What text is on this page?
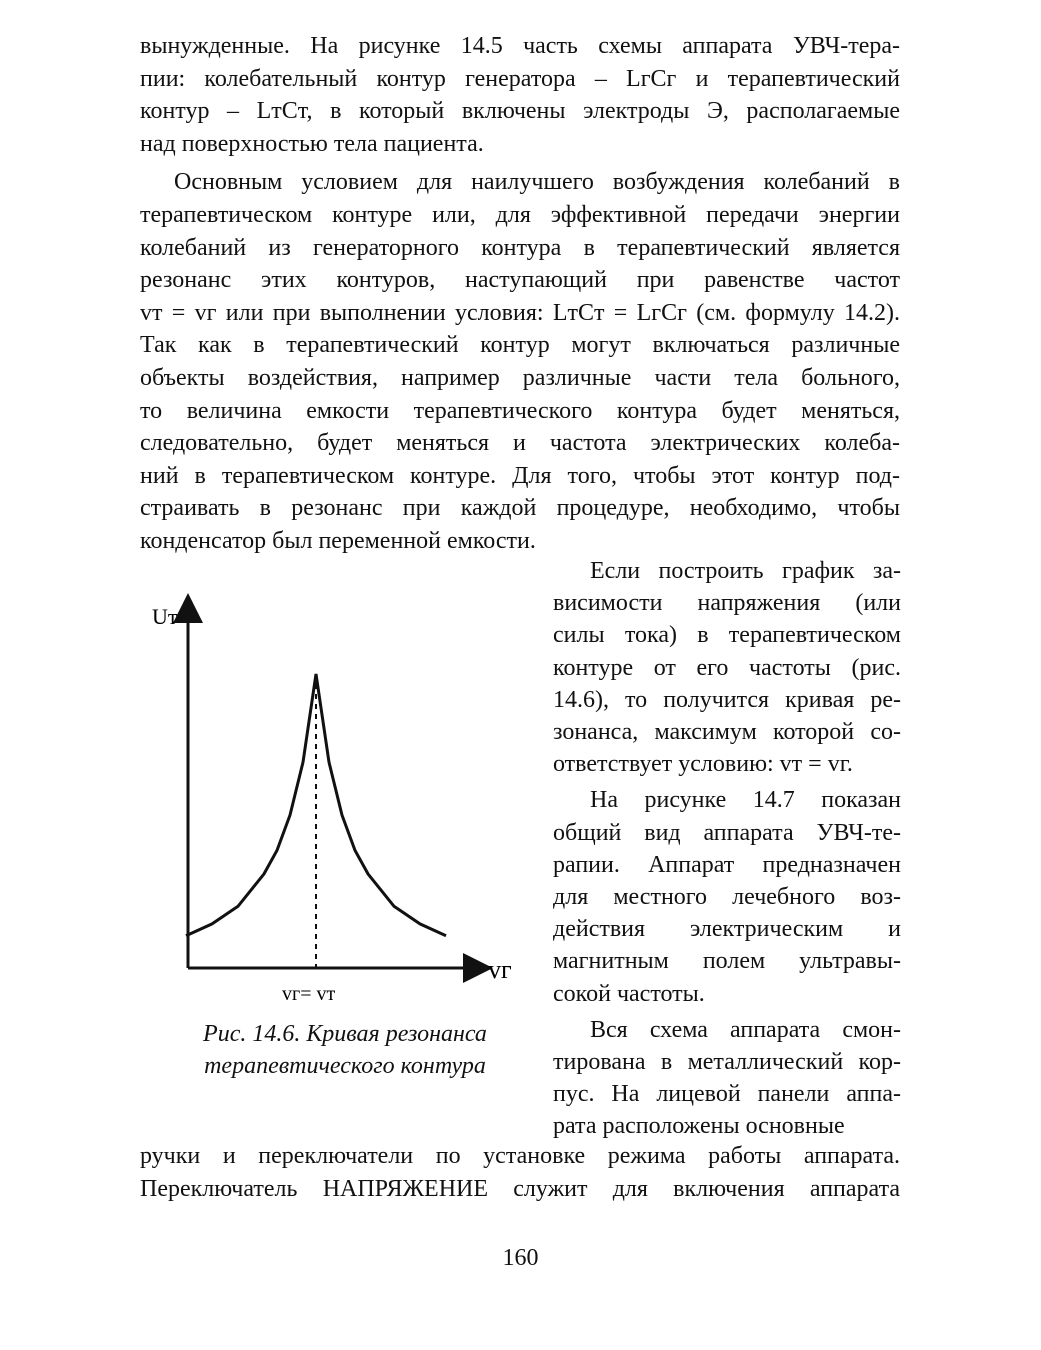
вынужденные. На рисунке 14.5 часть схемы аппарата УВЧ-тера-
пии: колебательный контур генератора – LгCг и терапевтический
контур – LтCт, в который включены электроды Э, располагаемые
над поверхностью тела пациента.
Основным условием для наилучшего возбуждения колебаний в
терапевтическом контуре или, для эффективной передачи энергии
колебаний из генераторного контура в терапевтический является
резонанс этих контуров, наступающий при равенстве частот
vт = vг или при выполнении условия: LтCт = LгCг (см. формулу 14.2).
Так как в терапевтический контур могут включаться различные
объекты воздействия, например различные части тела больного,
то величина емкости терапевтического контура будет меняться,
следовательно, будет меняться и частота электрических колеба-
ний в терапевтическом контуре. Для того, чтобы этот контур под-
страивать в резонанс при каждой процедуре, необходимо, чтобы
конденсатор был переменной емкости.
Если построить график за-
висимости напряжения (или
силы тока) в терапевтическом
контуре от его частоты (рис.
14.6), то получится кривая ре-
зонанса, максимум которой со-
ответствует условию: vт = vг.
На рисунке 14.7 показан
общий вид аппарата УВЧ-те-
рапии. Аппарат предназначен
для местного лечебного воз-
действия электрическим и
магнитным полем ультравы-
сокой частоты.
Вся схема аппарата смон-
тирована в металлический кор-
пус. На лицевой панели аппа-
рата расположены основные
Uт
vг
vг= vт
Рис. 14.6. Кривая резонанса
терапевтического контура
ручки и переключатели по установке режима работы аппарата.
Переключатель НАПРЯЖЕНИЕ служит для включения аппарата
160
